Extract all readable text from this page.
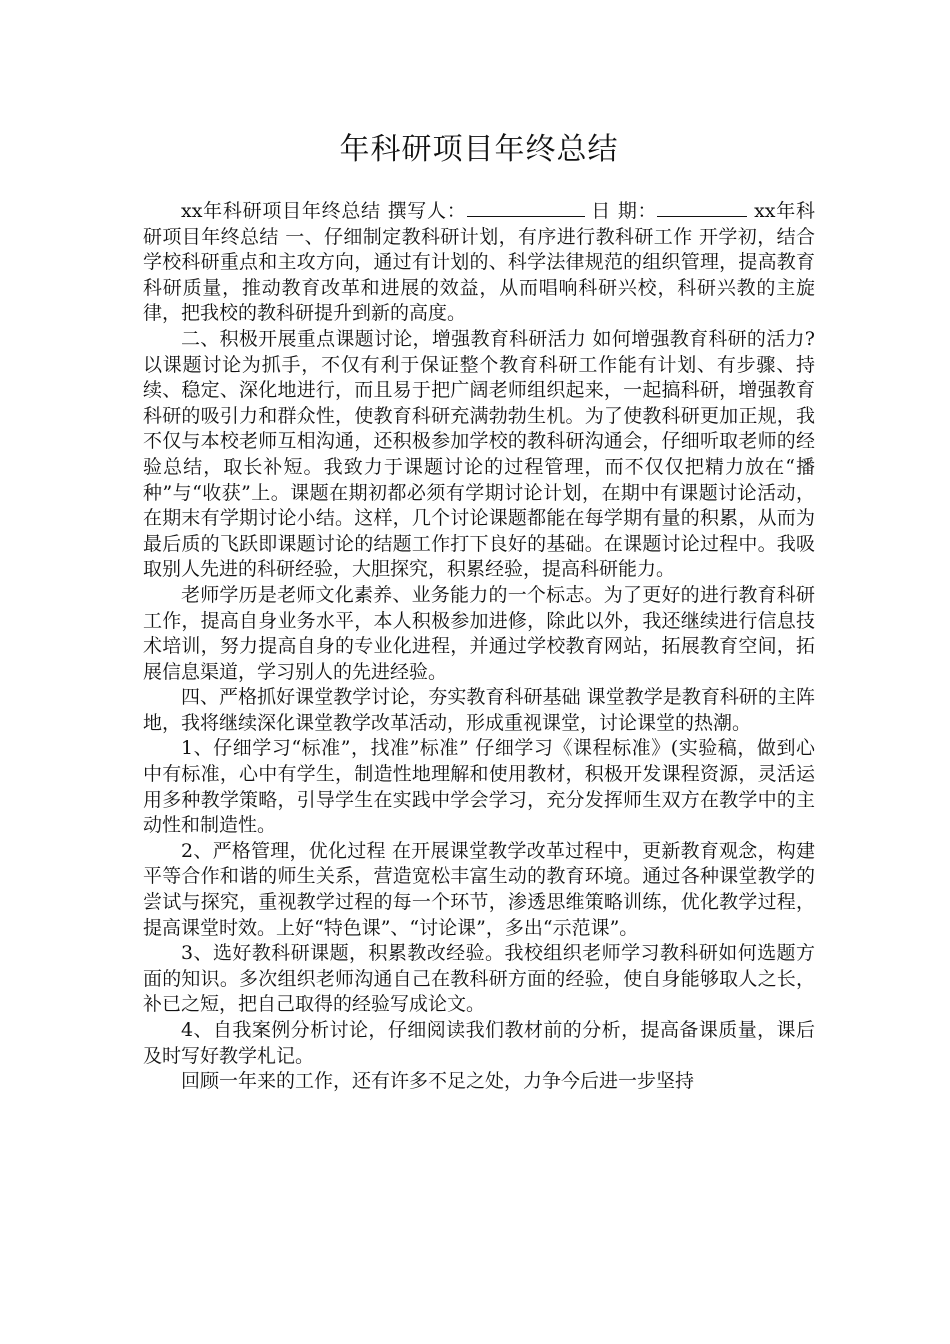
年科研项目年终总结

xx年科研项目年终总结 撰写人：	日 期：	xx年科研项目年终总结 一、仔细制定教科研计划，有序进行教科研工作 开学初，结合学校科研重点和主攻方向，通过有计划的、科学法律规范的组织管理，提高教育科研质量，推动教育改革和进展的效益，从而唱响科研兴校，科研兴教的主旋律，把我校的教科研提升到新的高度。

二、积极开展重点课题讨论，增强教育科研活力 如何增强教育科研的活力?以课题讨论为抓手，不仅有利于保证整个教育科研工作能有计划、有步骤、持续、稳定、深化地进行，而且易于把广阔老师组织起来，一起搞科研，增强教育科研的吸引力和群众性，使教育科研充满勃勃生机。为了使教科研更加正规，我不仅与本校老师互相沟通，还积极参加学校的教科研沟通会，仔细听取老师的经验总结，取长补短。我致力于课题讨论的过程管理，而不仅仅把精力放在“播种”与“收获”上。课题在期初都必须有学期讨论计划，在期中有课题讨论活动，在期末有学期讨论小结。这样，几个讨论课题都能在每学期有量的积累，从而为最后质的飞跃即课题讨论的结题工作打下良好的基础。在课题讨论过程中。我吸取别人先进的科研经验，大胆探究，积累经验，提高科研能力。

老师学历是老师文化素养、业务能力的一个标志。为了更好的进行教育科研工作，提高自身业务水平，本人积极参加进修，除此以外，我还继续进行信息技术培训，努力提高自身的专业化进程，并通过学校教育网站，拓展教育空间，拓展信息渠道，学习别人的先进经验。

四、严格抓好课堂教学讨论，夯实教育科研基础 课堂教学是教育科研的主阵地，我将继续深化课堂教学改革活动，形成重视课堂，讨论课堂的热潮。

1、仔细学习“标准”，找准”标准” 仔细学习《课程标准》(实验稿，做到心中有标准，心中有学生，制造性地理解和使用教材，积极开发课程资源，灵活运用多种教学策略，引导学生在实践中学会学习，充分发挥师生双方在教学中的主动性和制造性。

2、严格管理，优化过程 在开展课堂教学改革过程中，更新教育观念，构建平等合作和谐的师生关系，营造宽松丰富生动的教育环境。通过各种课堂教学的尝试与探究，重视教学过程的每一个环节，渗透思维策略训练，优化教学过程，提高课堂时效。上好“特色课”、“讨论课”，多出“示范课”。

3、选好教科研课题，积累教改经验。我校组织老师学习教科研如何选题方面的知识。多次组织老师沟通自己在教科研方面的经验，使自身能够取人之长，补已之短，把自己取得的经验写成论文。

4、自我案例分析讨论，仔细阅读我们教材前的分析，提高备课质量，课后及时写好教学札记。

回顾一年来的工作，还有许多不足之处，力争今后进一步坚持
